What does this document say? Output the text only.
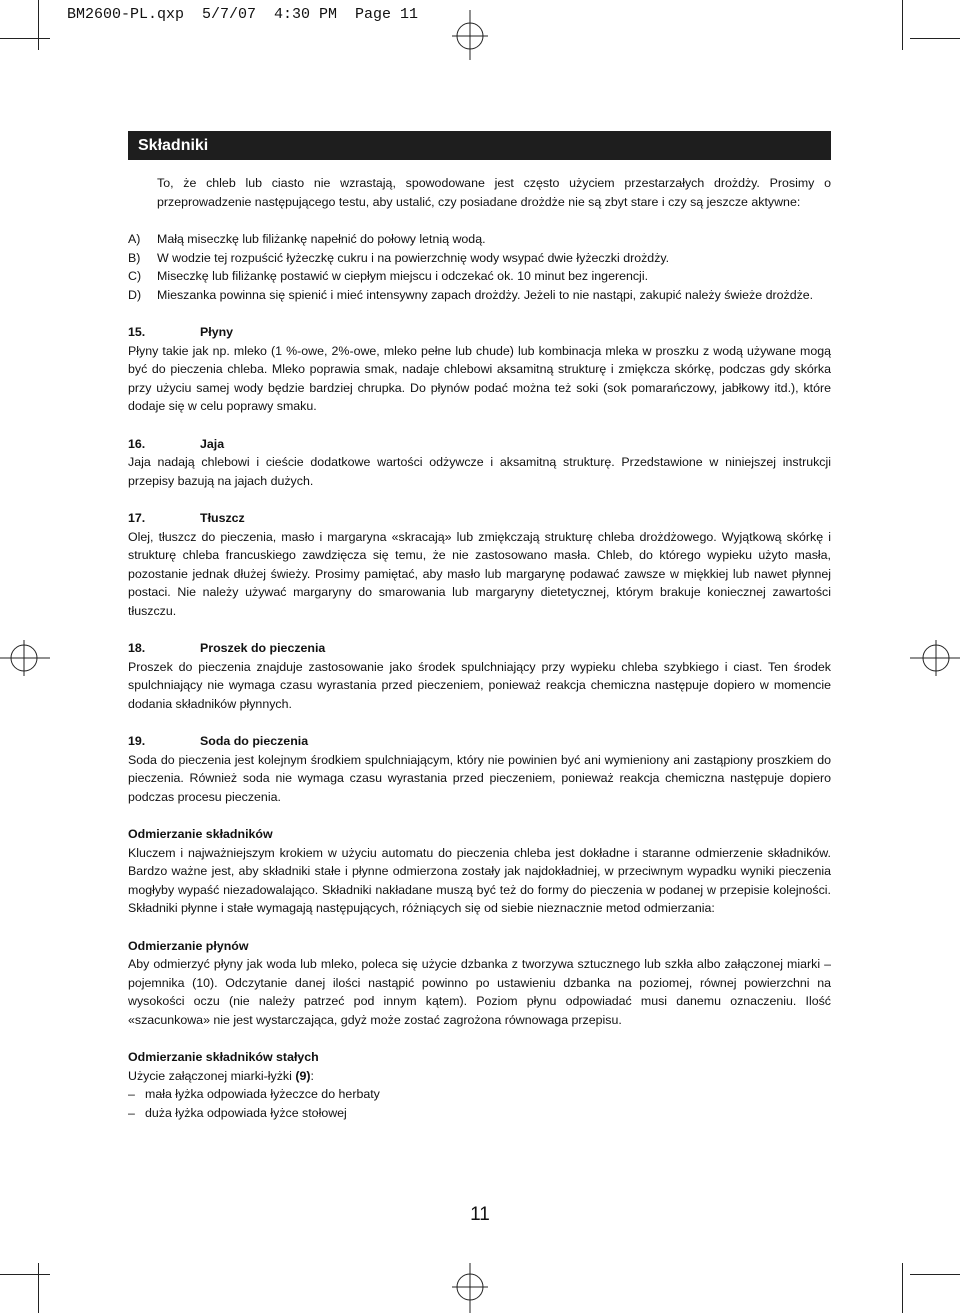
BM2600-PL.qxp  5/7/07  4:30 PM  Page 11
Składniki

To, że chleb lub ciasto nie wzrastają, spowodowane jest często użyciem przestarzałych drożdży. Prosimy o przeprowadzenie następującego testu, aby ustalić, czy posiadane drożdże nie są zbyt stare i czy są jeszcze aktywne:

A)	Małą miseczkę lub filiżankę napełnić do połowy letnią wodą.
B)	W wodzie tej rozpuścić łyżeczkę cukru i na powierzchnię wody wsypać dwie łyżeczki drożdży.
C)	Miseczkę lub filiżankę postawić w ciepłym miejscu i odczekać ok. 10 minut bez ingerencji.
D)	Mieszanka powinna się spienić i mieć intensywny zapach drożdży. Jeżeli to nie nastąpi, zakupić należy świeże drożdże.
15.	Płyny

Płyny takie jak np. mleko (1 %-owe, 2%-owe, mleko pełne lub chude) lub kombinacja mleka w proszku z wodą używane mogą być do pieczenia chleba. Mleko poprawia smak, nadaje chlebowi aksamitną strukturę i zmiękcza skórkę, podczas gdy skórka przy użyciu samej wody będzie bardziej chrupka. Do płynów podać można też soki (sok pomarańczowy, jabłkowy itd.), które dodaje się w celu poprawy smaku.

16.	Jaja

Jaja nadają chlebowi i cieście dodatkowe wartości odżywcze i aksamitną strukturę. Przedstawione w niniejszej instrukcji przepisy bazują na jajach dużych.

17.	Tłuszcz

Olej, tłuszcz do pieczenia, masło i margaryna «skracają» lub zmiękczają strukturę chleba drożdżowego. Wyjątkową skórkę i strukturę chleba francuskiego zawdzięcza się temu, że nie zastosowano masła. Chleb, do którego wypieku użyto masła, pozostanie jednak dłużej świeży. Prosimy pamiętać, aby masło lub margarynę podawać zawsze w miękkiej lub nawet płynnej postaci. Nie należy używać margaryny do smarowania lub margaryny dietetycznej, którym brakuje koniecznej zawartości tłuszczu.

18.	Proszek do pieczenia

Proszek do pieczenia znajduje zastosowanie jako środek spulchniający przy wypieku chleba szybkiego i ciast. Ten środek spulchniający nie wymaga czasu wyrastania przed pieczeniem, ponieważ reakcja chemiczna następuje dopiero w momencie dodania składników płynnych.

19.	Soda do pieczenia

Soda do pieczenia jest kolejnym środkiem spulchniającym, który nie powinien być ani wymieniony ani zastąpiony proszkiem do pieczenia. Również soda nie wymaga czasu wyrastania przed pieczeniem, ponieważ reakcja chemiczna następuje dopiero podczas procesu pieczenia.

Odmierzanie składników

Kluczem i najważniejszym krokiem w użyciu automatu do pieczenia chleba jest dokładne i staranne odmierzenie składników. Bardzo ważne jest, aby składniki stałe i płynne odmierzona zostały jak najdokładniej, w przeciwnym wypadku wyniki pieczenia mogłyby wypaść niezadowalająco. Składniki nakładane muszą być też do formy do pieczenia w podanej w przepisie kolejności. Składniki płynne i stałe wymagają następujących, różniących się od siebie nieznacznie metod odmierzania:

Odmierzanie płynów

Aby odmierzyć płyny jak woda lub mleko, poleca się użycie dzbanka z tworzywa sztucznego lub szkła albo załączonej miarki – pojemnika (10). Odczytanie danej ilości nastąpić powinno po ustawieniu dzbanka na poziomej, równej powierzchni na wysokości oczu (nie należy patrzeć pod innym kątem). Poziom płynu odpowiadać musi danemu oznaczeniu. Ilość «szacunkowa» nie jest wystarczająca, gdyż może zostać zagrożona równowaga przepisu.

Odmierzanie składników stałych

Użycie załączonej miarki-łyżki (9):

– mała łyżka odpowiada łyżeczce do herbaty
– duża łyżka odpowiada łyżce stołowej
11
